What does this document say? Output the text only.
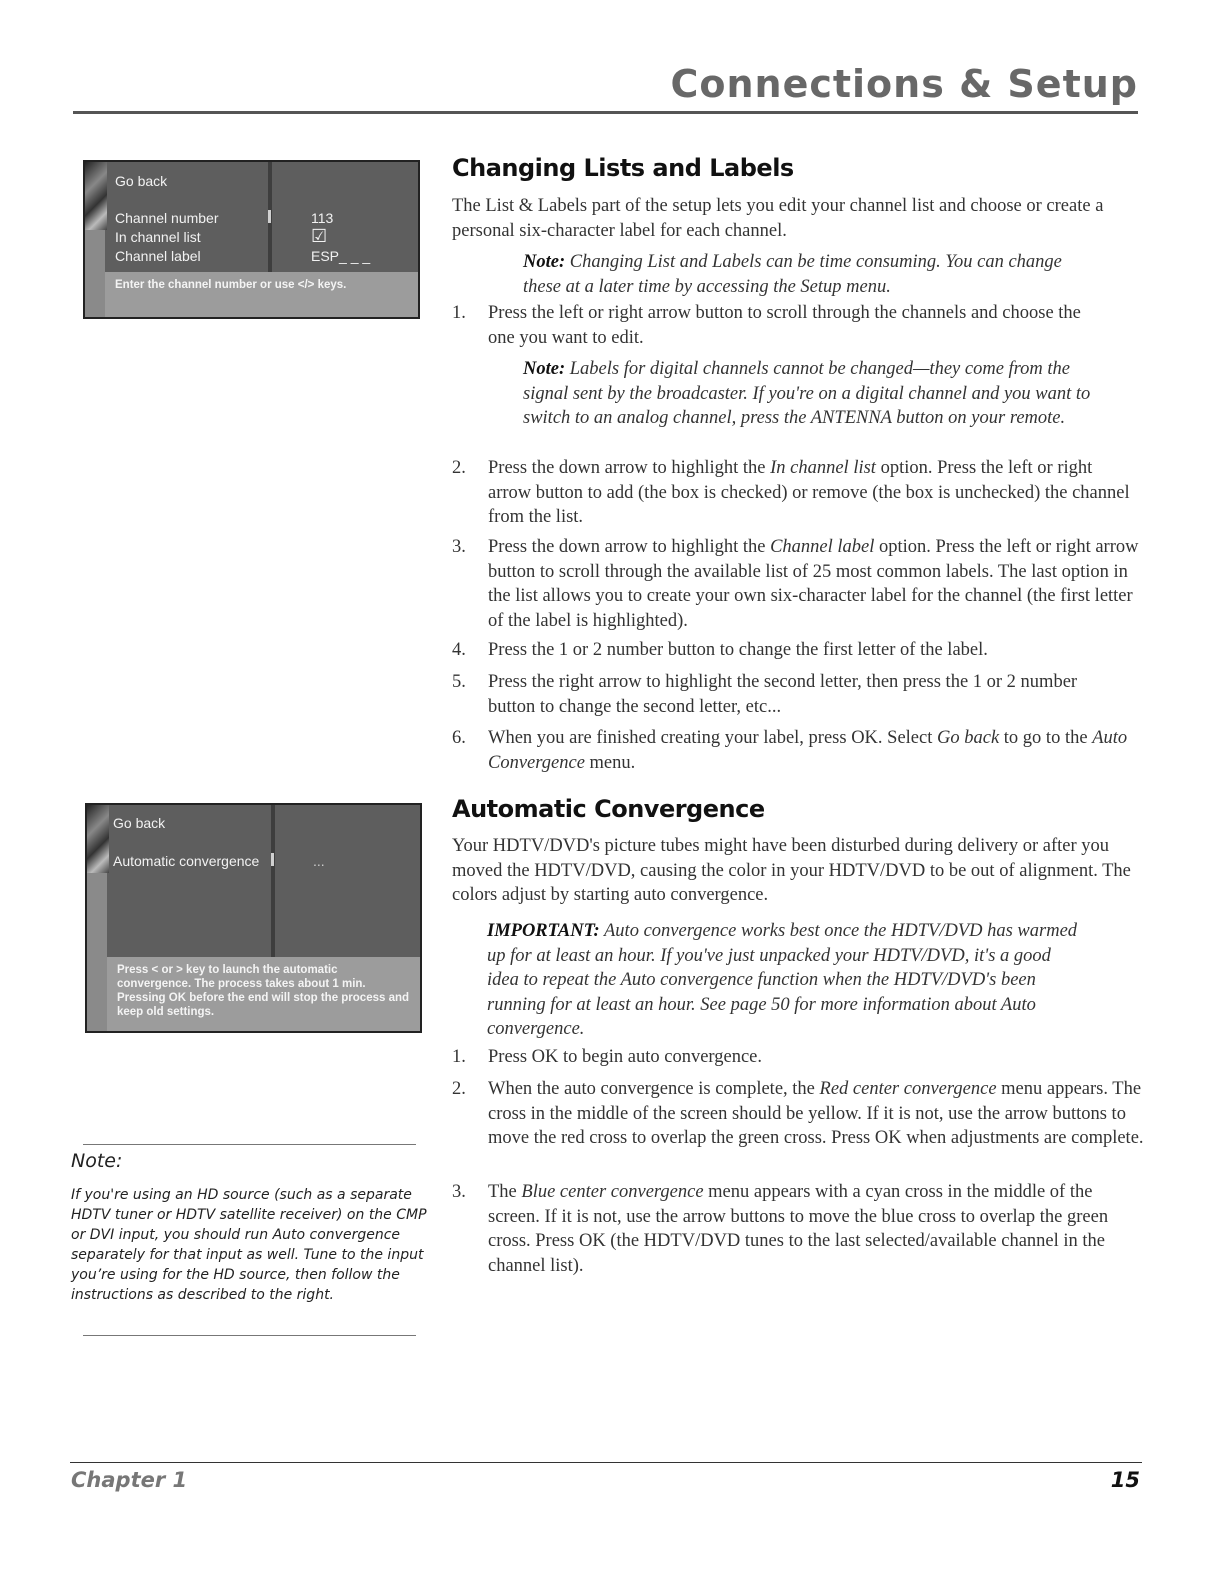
Connections & Setup
Go back
Channel number	113
In channel list	☑
Channel label	ESP_ _ _
Enter the channel number or use </> keys.
Go back
Automatic convergence	...
Press < or > key to launch the automatic convergence. The process takes about 1 min. Pressing OK before the end will stop the process and keep old settings.
Changing Lists and Labels
The List & Labels part of the setup lets you edit your channel list and choose or create a personal six-character label for each channel.
Note: Changing List and Labels can be time consuming. You can change these at a later time by accessing the Setup menu.
1. Press the left or right arrow button to scroll through the channels and choose the one you want to edit.
Note: Labels for digital channels cannot be changed—they come from the signal sent by the broadcaster. If you're on a digital channel and you want to switch to an analog channel, press the ANTENNA button on your remote.
2. Press the down arrow to highlight the In channel list option. Press the left or right arrow button to add (the box is checked) or remove (the box is unchecked) the channel from the list.
3. Press the down arrow to highlight the Channel label option. Press the left or right arrow button to scroll through the available list of 25 most common labels. The last option in the list allows you to create your own six-character label for the channel (the first letter of the label is highlighted).
4. Press the 1 or 2 number button to change the first letter of the label.
5. Press the right arrow to highlight the second letter, then press the 1 or 2 number button to change the second letter, etc...
6. When you are finished creating your label, press OK. Select Go back to go to the Auto Convergence menu.
Automatic Convergence
Your HDTV/DVD's picture tubes might have been disturbed during delivery or after you moved the HDTV/DVD, causing the color in your HDTV/DVD to be out of alignment. The colors adjust by starting auto convergence.
IMPORTANT: Auto convergence works best once the HDTV/DVD has warmed up for at least an hour. If you've just unpacked your HDTV/DVD, it's a good idea to repeat the Auto convergence function when the HDTV/DVD's been running for at least an hour. See page 50 for more information about Auto convergence.
1. Press OK to begin auto convergence.
2. When the auto convergence is complete, the Red center convergence menu appears. The cross in the middle of the screen should be yellow. If it is not, use the arrow buttons to move the red cross to overlap the green cross. Press OK when adjustments are complete.
3. The Blue center convergence menu appears with a cyan cross in the middle of the screen. If it is not, use the arrow buttons to move the blue cross to overlap the green cross. Press OK (the HDTV/DVD tunes to the last selected/available channel in the channel list).
Note:
If you're using an HD source (such as a separate HDTV tuner or HDTV satellite receiver) on the CMP or DVI input, you should run Auto convergence separately for that input as well. Tune to the input you’re using for the HD source, then follow the instructions as described to the right.
Chapter 1	15
